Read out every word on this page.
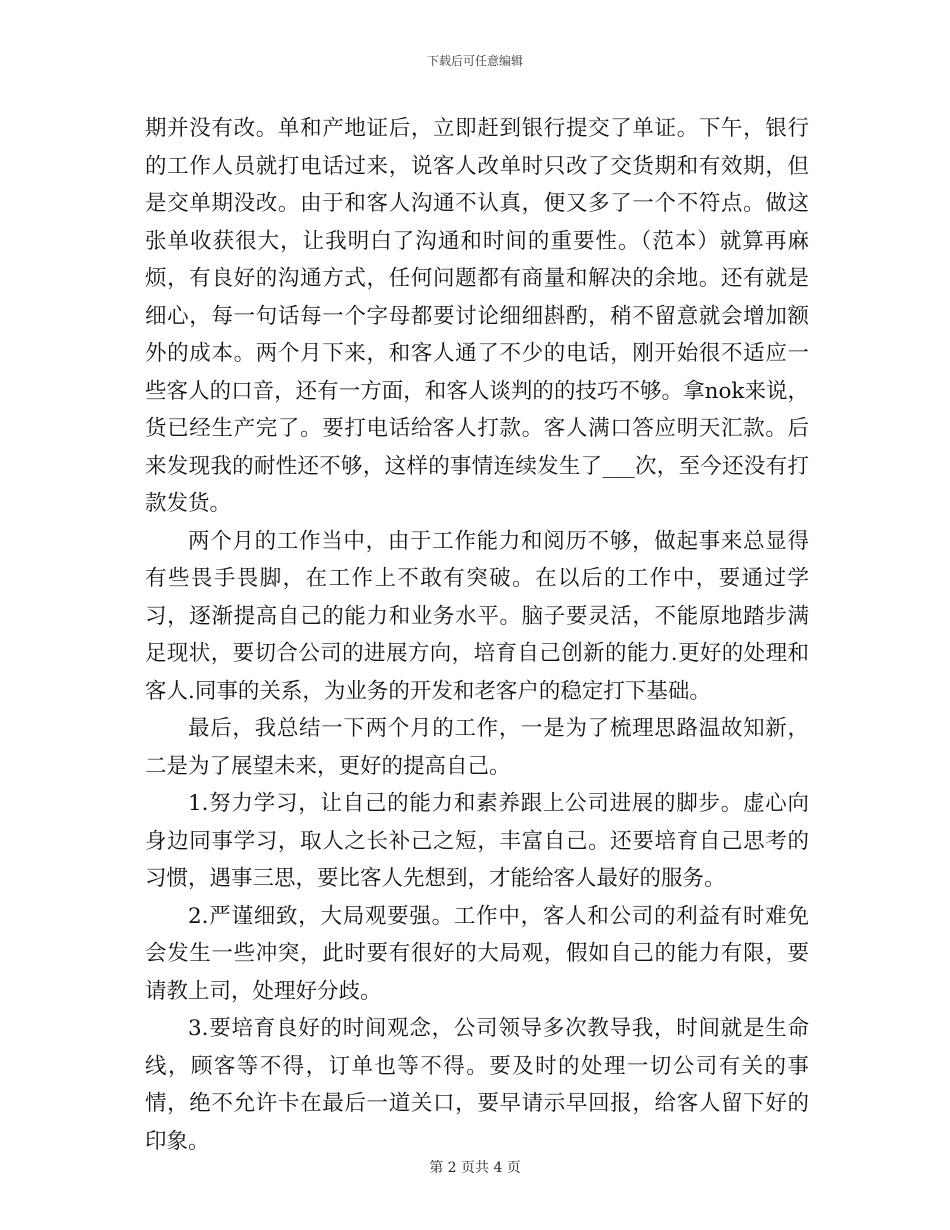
下载后可任意编辑

期并没有改。单和产地证后，立即赶到银行提交了单证。下午，银行的工作人员就打电话过来，说客人改单时只改了交货期和有效期，但是交单期没改。由于和客人沟通不认真，便又多了一个不符点。做这张单收获很大，让我明白了沟通和时间的重要性。（范本）就算再麻烦，有良好的沟通方式，任何问题都有商量和解决的余地。还有就是细心，每一句话每一个字母都要讨论细细斟酌，稍不留意就会增加额外的成本。两个月下来，和客人通了不少的电话，刚开始很不适应一些客人的口音，还有一方面，和客人谈判的的技巧不够。拿nok来说，货已经生产完了。要打电话给客人打款。客人满口答应明天汇款。后来发现我的耐性还不够，这样的事情连续发生了___次，至今还没有打款发货。

两个月的工作当中，由于工作能力和阅历不够，做起事来总显得有些畏手畏脚，在工作上不敢有突破。在以后的工作中，要通过学习，逐渐提高自己的能力和业务水平。脑子要灵活，不能原地踏步满足现状，要切合公司的进展方向，培育自己创新的能力.更好的处理和客人.同事的关系，为业务的开发和老客户的稳定打下基础。

最后，我总结一下两个月的工作，一是为了梳理思路温故知新，二是为了展望未来，更好的提高自己。

1.努力学习，让自己的能力和素养跟上公司进展的脚步。虚心向身边同事学习，取人之长补己之短，丰富自己。还要培育自己思考的习惯，遇事三思，要比客人先想到，才能给客人最好的服务。

2.严谨细致，大局观要强。工作中，客人和公司的利益有时难免会发生一些冲突，此时要有很好的大局观，假如自己的能力有限，要请教上司，处理好分歧。

3.要培育良好的时间观念，公司领导多次教导我，时间就是生命线，顾客等不得，订单也等不得。要及时的处理一切公司有关的事情，绝不允许卡在最后一道关口，要早请示早回报，给客人留下好的印象。

第 2 页共 4 页
